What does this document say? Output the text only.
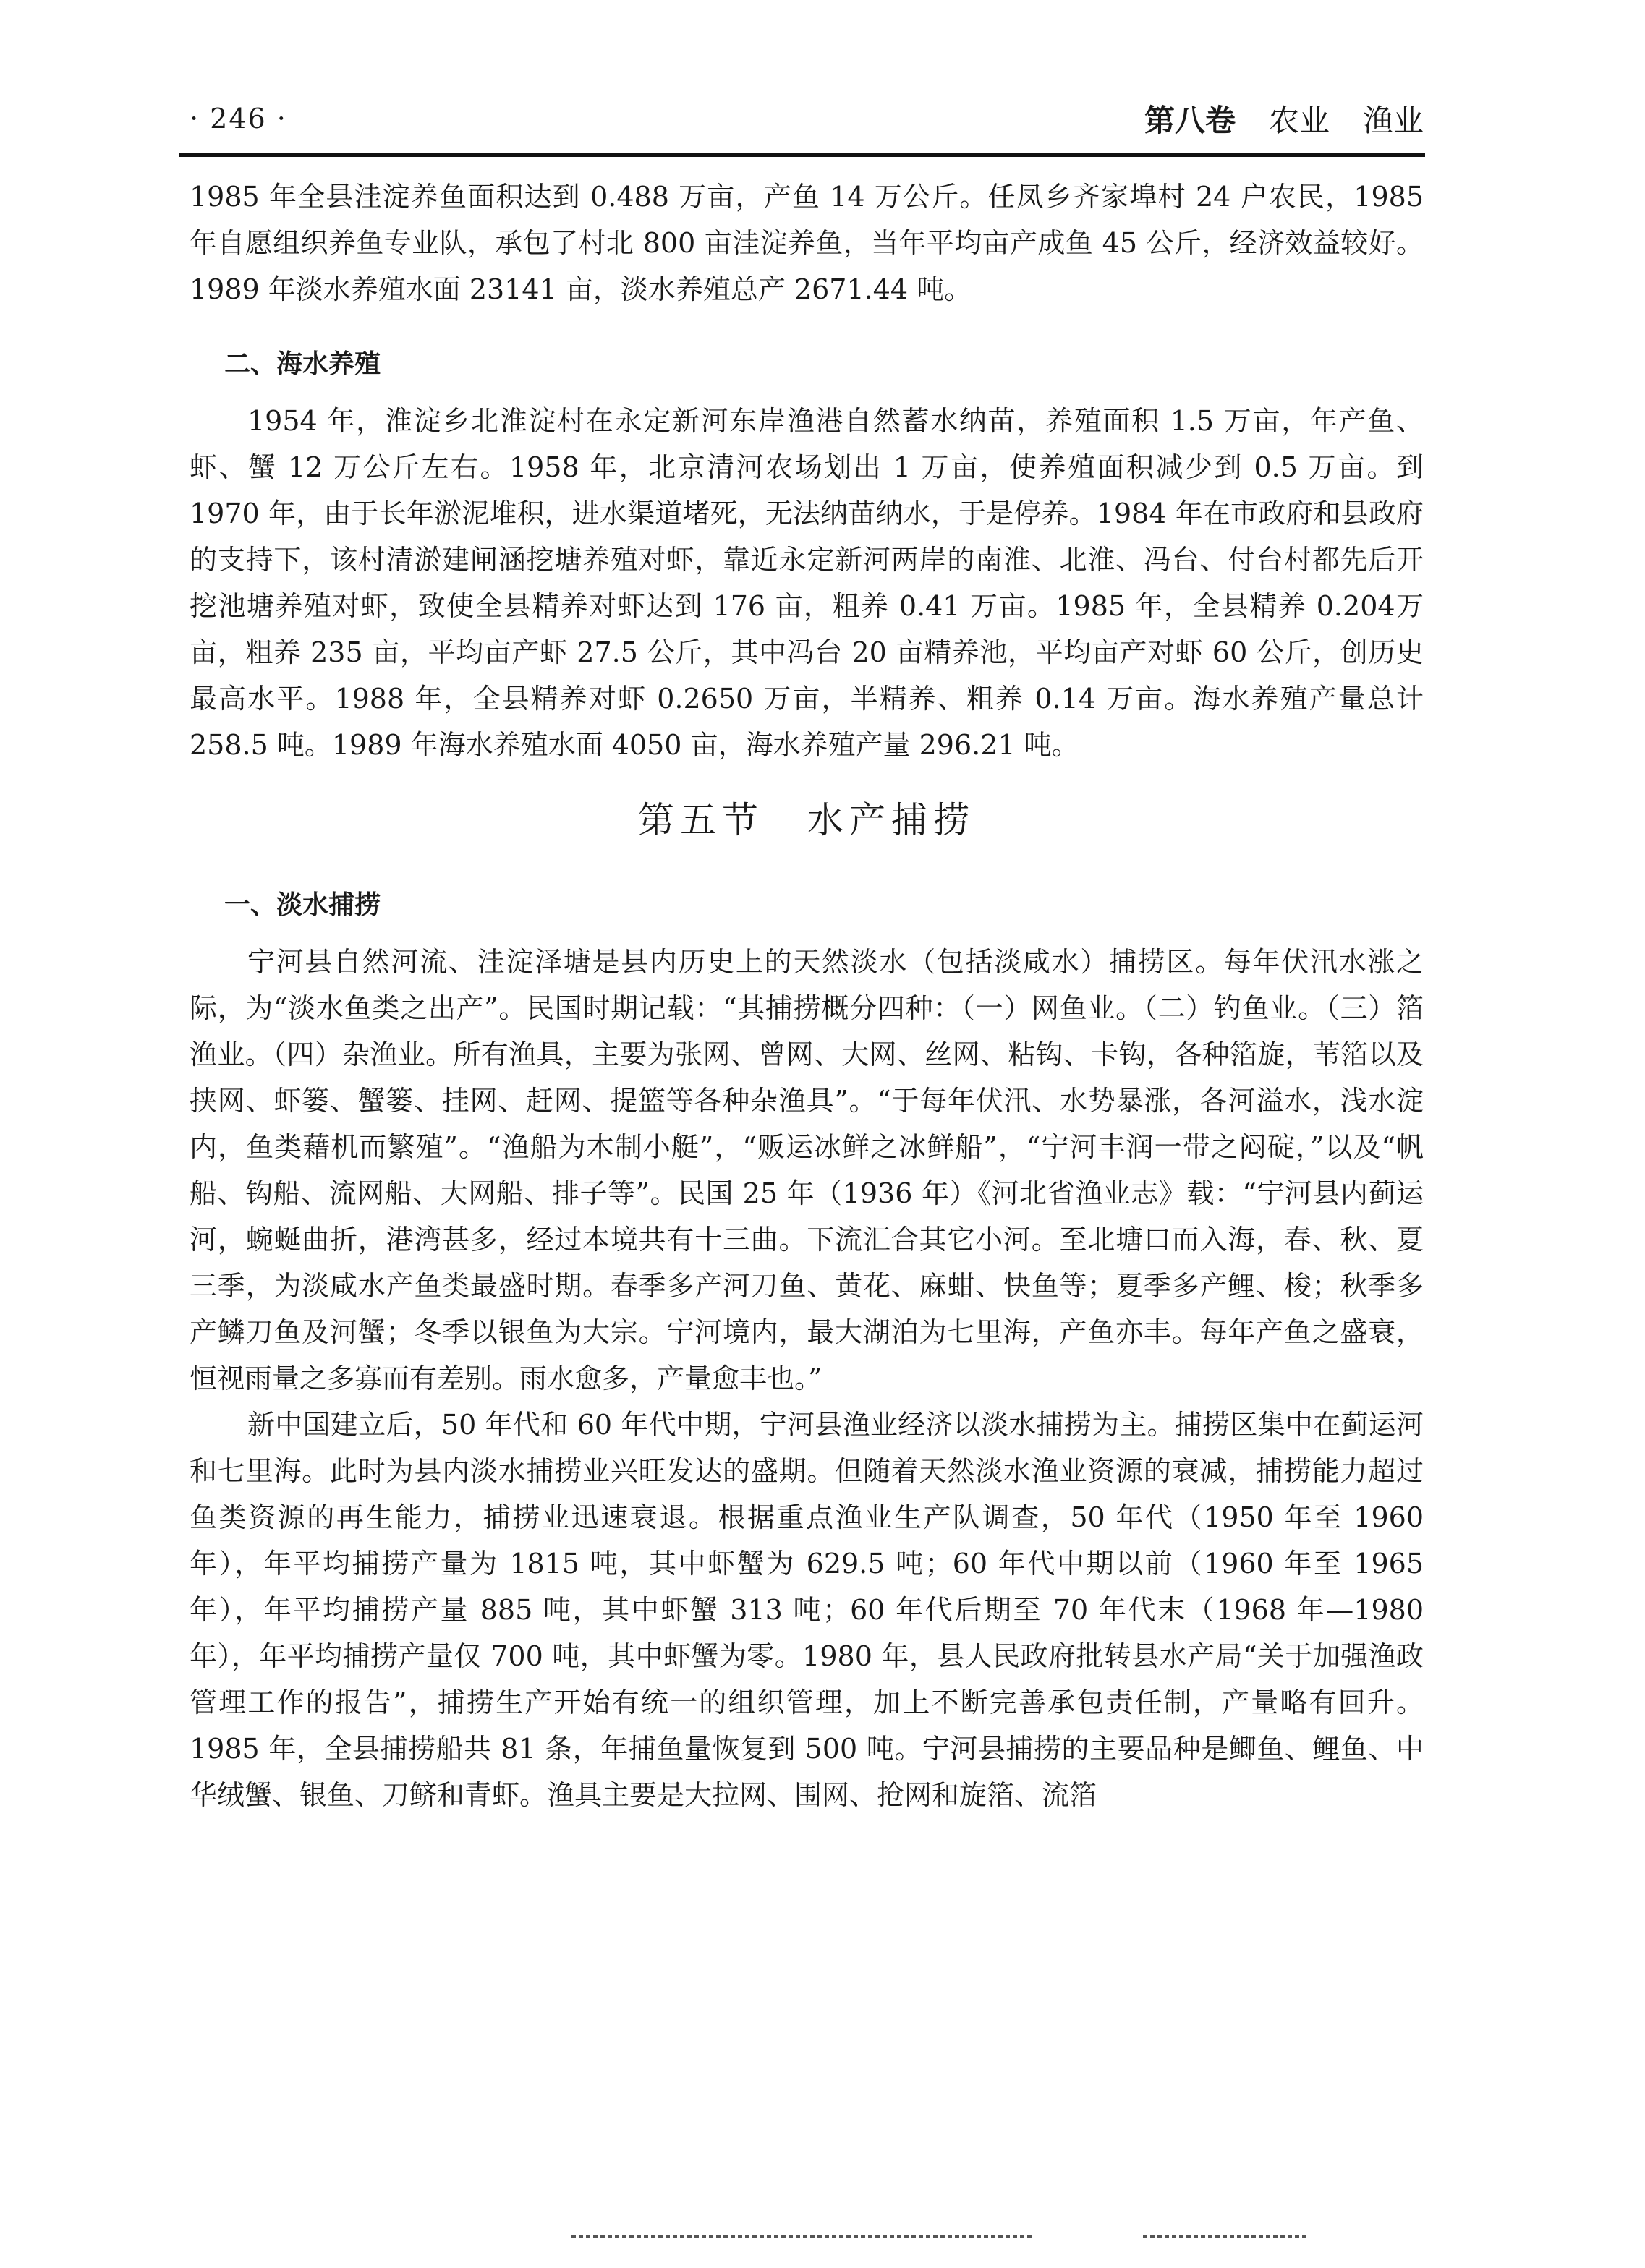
· 246 ·	第八卷 农业 渔业

1985 年全县洼淀养鱼面积达到 0.488 万亩，产鱼 14 万公斤。任凤乡齐家埠村 24 户农民，1985 年自愿组织养鱼专业队，承包了村北 800 亩洼淀养鱼，当年平均亩产成鱼 45 公斤，经济效益较好。1989 年淡水养殖水面 23141 亩，淡水养殖总产 2671.44 吨。

二、海水养殖

1954 年，淮淀乡北淮淀村在永定新河东岸渔港自然蓄水纳苗，养殖面积 1.5 万亩，年产鱼、虾、蟹 12 万公斤左右。1958 年，北京清河农场划出 1 万亩，使养殖面积减少到 0.5 万亩。到 1970 年，由于长年淤泥堆积，进水渠道堵死，无法纳苗纳水，于是停养。1984 年在市政府和县政府的支持下，该村清淤建闸涵挖塘养殖对虾，靠近永定新河两岸的南淮、北淮、冯台、付台村都先后开挖池塘养殖对虾，致使全县精养对虾达到 176 亩，粗养 0.41 万亩。1985 年，全县精养 0.204万亩，粗养 235 亩，平均亩产虾 27.5 公斤，其中冯台 20 亩精养池，平均亩产对虾 60 公斤，创历史最高水平。1988 年，全县精养对虾 0.2650 万亩，半精养、粗养 0.14 万亩。海水养殖产量总计 258.5 吨。1989 年海水养殖水面 4050 亩，海水养殖产量 296.21 吨。

第五节 水产捕捞
一、淡水捕捞

宁河县自然河流、洼淀泽塘是县内历史上的天然淡水（包括淡咸水）捕捞区。每年伏汛水涨之际，为“淡水鱼类之出产”。民国时期记载：“其捕捞概分四种：（一）网鱼业。（二）钓鱼业。（三）箔渔业。（四）杂渔业。所有渔具，主要为张网、曾网、大网、丝网、粘钩、卡钩，各种箔旋，苇箔以及挟网、虾篓、蟹篓、挂网、赶网、提篮等各种杂渔具”。“于每年伏汛、水势暴涨，各河溢水，浅水淀内，鱼类藉机而繁殖”。“渔船为木制小艇”，“贩运冰鲜之冰鲜船”，“宁河丰润一带之闷碇，”以及“帆船、钩船、流网船、大网船、排子等”。民国 25 年（1936 年）《河北省渔业志》载：“宁河县内蓟运河，蜿蜒曲折，港湾甚多，经过本境共有十三曲。下流汇合其它小河。至北塘口而入海，春、秋、夏三季，为淡咸水产鱼类最盛时期。春季多产河刀鱼、黄花、麻蚶、快鱼等；夏季多产鲤、梭；秋季多产鳞刀鱼及河蟹；冬季以银鱼为大宗。宁河境内，最大湖泊为七里海，产鱼亦丰。每年产鱼之盛衰，恒视雨量之多寡而有差别。雨水愈多，产量愈丰也。”

新中国建立后，50 年代和 60 年代中期，宁河县渔业经济以淡水捕捞为主。捕捞区集中在蓟运河和七里海。此时为县内淡水捕捞业兴旺发达的盛期。但随着天然淡水渔业资源的衰减，捕捞能力超过鱼类资源的再生能力，捕捞业迅速衰退。根据重点渔业生产队调查，50 年代（1950 年至 1960 年），年平均捕捞产量为 1815 吨，其中虾蟹为 629.5 吨；60 年代中期以前（1960 年至 1965 年），年平均捕捞产量 885 吨，其中虾蟹 313 吨；60 年代后期至 70 年代末（1968 年—1980 年），年平均捕捞产量仅 700 吨，其中虾蟹为零。1980 年，县人民政府批转县水产局“关于加强渔政管理工作的报告”，捕捞生产开始有统一的组织管理，加上不断完善承包责任制，产量略有回升。1985 年，全县捕捞船共 81 条，年捕鱼量恢复到 500 吨。宁河县捕捞的主要品种是鲫鱼、鲤鱼、中华绒蟹、银鱼、刀鲚和青虾。渔具主要是大拉网、围网、抢网和旋箔、流箔
